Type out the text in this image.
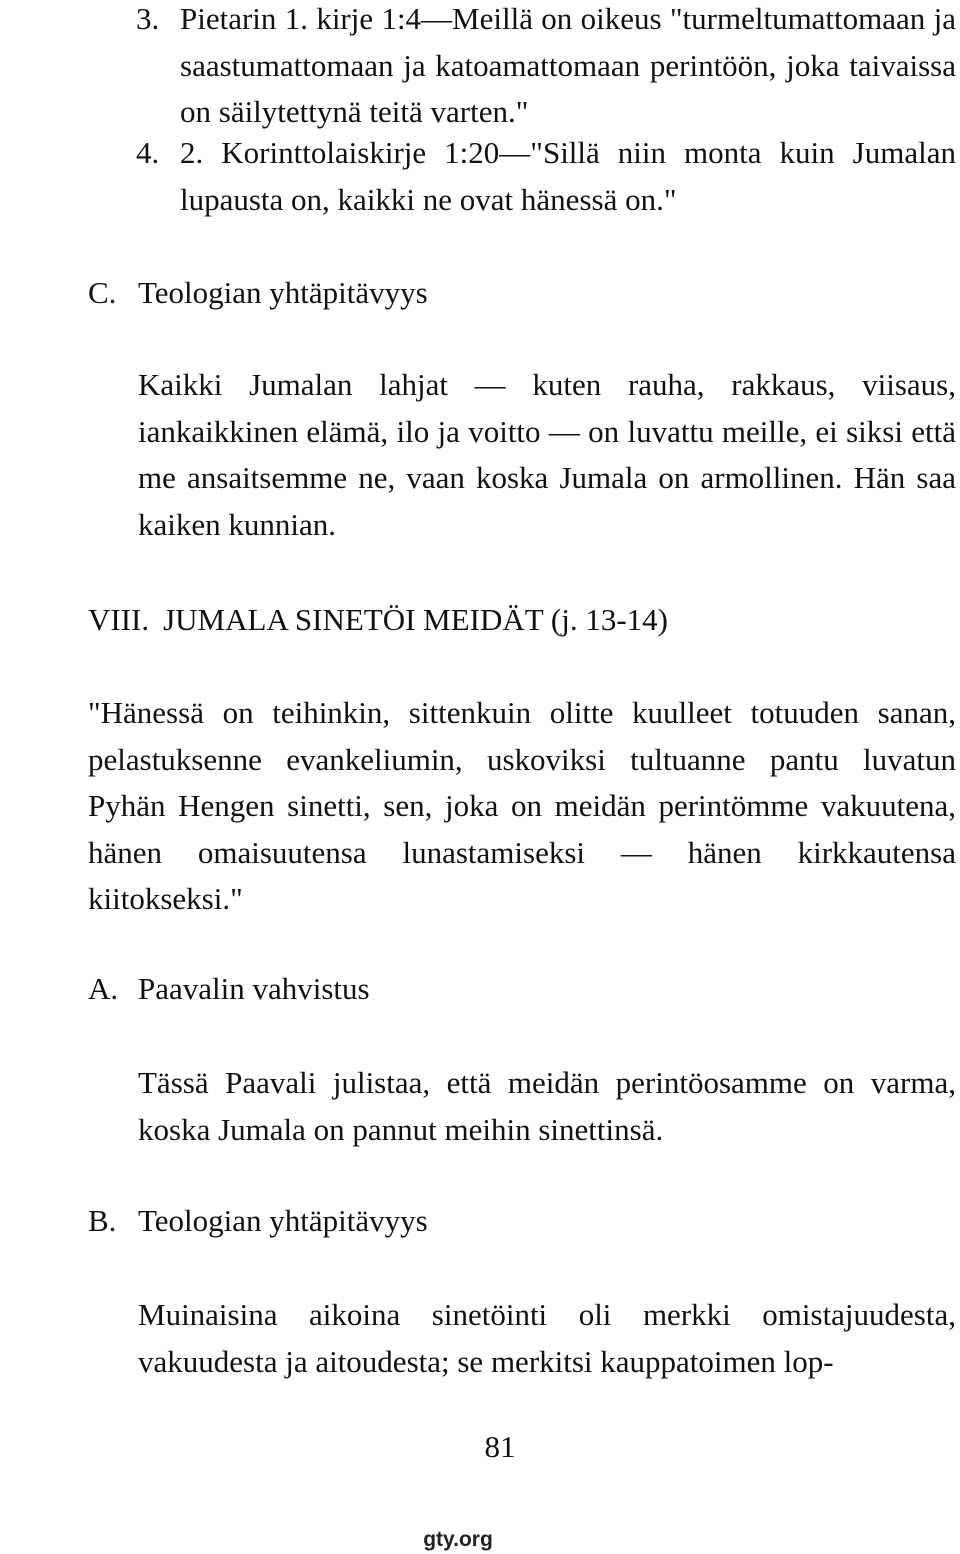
3. Pietarin 1. kirje 1:4—Meillä on oikeus "turmeltumattomaan ja saastumattomaan ja katoamattomaan perintöön, joka taivaissa on säilytettynä teitä varten."
4. 2. Korinttolaiskirje 1:20—"Sillä niin monta kuin Jumalan lupausta on, kaikki ne ovat hänessä on."
C. Teologian yhtäpitävyys

Kaikki Jumalan lahjat — kuten rauha, rakkaus, viisaus, iankaikkinen elämä, ilo ja voitto — on luvattu meille, ei siksi että me ansaitsemme ne, vaan koska Jumala on armollinen. Hän saa kaiken kunnian.

VIII. JUMALA SINETÖI MEIDÄT (j. 13-14)

"Hänessä on teihinkin, sittenkuin olitte kuulleet totuuden sanan, pelastuksenne evankeliumin, uskoviksi tultuanne pantu luvatun Pyhän Hengen sinetti, sen, joka on meidän perintömme vakuutena, hänen omaisuutensa lunastamiseksi — hänen kirkkautensa kiitokseksi."

A. Paavalin vahvistus

Tässä Paavali julistaa, että meidän perintöosamme on varma, koska Jumala on pannut meihin sinettinsä.

B. Teologian yhtäpitävyys

Muinaisina aikoina sinetöinti oli merkki omistajuudesta, vakuudesta ja aitoudesta; se merkitsi kauppatoimen lop-

81
gty.org
